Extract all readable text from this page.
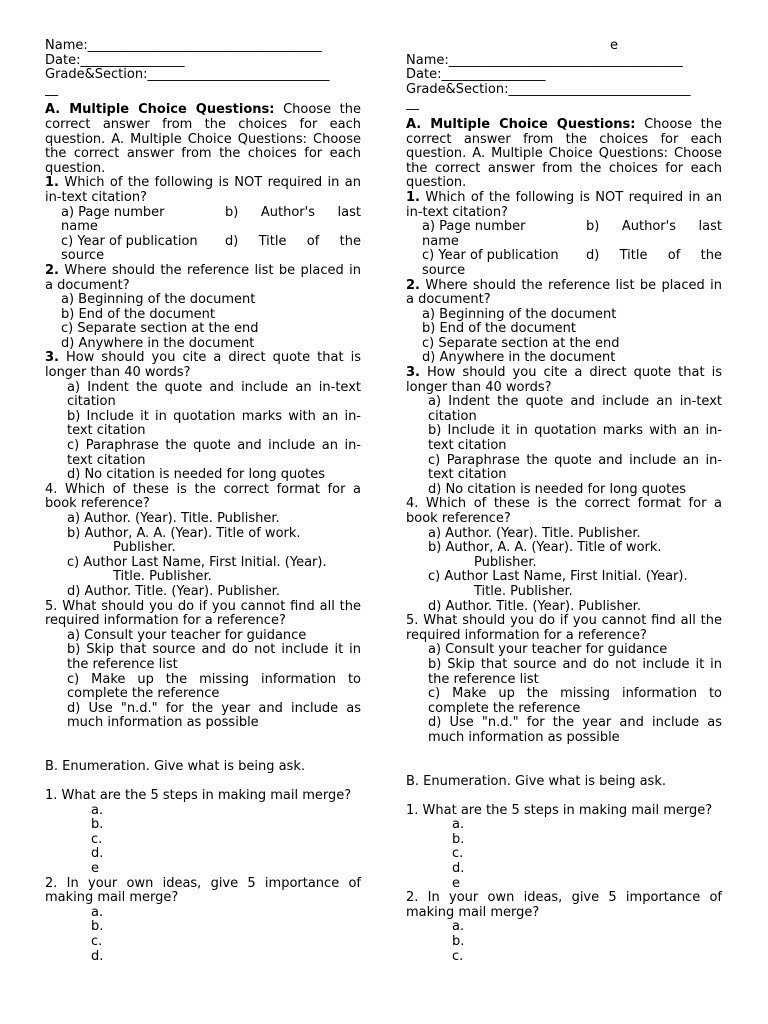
Name:____________________________________
Date:________________
Grade&Section:____________________________
__
A. Multiple Choice Questions: Choose the correct answer from the choices for each question. A. Multiple Choice Questions: Choose the correct answer from the choices for each question.
1. Which of the following is NOT required in an in-text citation?
a) Page number	b) Author's last
name
c) Year of publication	d) Title of the
source
2. Where should the reference list be placed in a document?
a) Beginning of the document
b) End of the document
c) Separate section at the end
d) Anywhere in the document
3. How should you cite a direct quote that is longer than 40 words?
a) Indent the quote and include an in-text citation
b) Include it in quotation marks with an in-text citation
c) Paraphrase the quote and include an in-text citation
d) No citation is needed for long quotes
4. Which of these is the correct format for a book reference?
a) Author. (Year). Title. Publisher.
b) Author, A. A. (Year). Title of work.
Publisher.
c) Author Last Name, First Initial. (Year).
Title. Publisher.
d) Author. Title. (Year). Publisher.
5. What should you do if you cannot find all the required information for a reference?
a) Consult your teacher for guidance
b) Skip that source and do not include it in the reference list
c) Make up the missing information to complete the reference
d) Use "n.d." for the year and include as much information as possible
B. Enumeration. Give what is being ask.
1. What are the 5 steps in making mail merge?
a.
b.
c.
d.
e
2. In your own ideas, give 5 importance of making mail merge?
a.
b.
c.
d.
e
Name:____________________________________
Date:________________
Grade&Section:____________________________
__
A. Multiple Choice Questions: Choose the correct answer from the choices for each question. A. Multiple Choice Questions: Choose the correct answer from the choices for each question.
1. Which of the following is NOT required in an in-text citation?
a) Page number	b) Author's last
name
c) Year of publication	d) Title of the
source
2. Where should the reference list be placed in a document?
a) Beginning of the document
b) End of the document
c) Separate section at the end
d) Anywhere in the document
3. How should you cite a direct quote that is longer than 40 words?
a) Indent the quote and include an in-text citation
b) Include it in quotation marks with an in-text citation
c) Paraphrase the quote and include an in-text citation
d) No citation is needed for long quotes
4. Which of these is the correct format for a book reference?
a) Author. (Year). Title. Publisher.
b) Author, A. A. (Year). Title of work.
Publisher.
c) Author Last Name, First Initial. (Year).
Title. Publisher.
d) Author. Title. (Year). Publisher.
5. What should you do if you cannot find all the required information for a reference?
a) Consult your teacher for guidance
b) Skip that source and do not include it in the reference list
c) Make up the missing information to complete the reference
d) Use "n.d." for the year and include as much information as possible
B. Enumeration. Give what is being ask.
1. What are the 5 steps in making mail merge?
a.
b.
c.
d.
e
2. In your own ideas, give 5 importance of making mail merge?
a.
b.
c.
